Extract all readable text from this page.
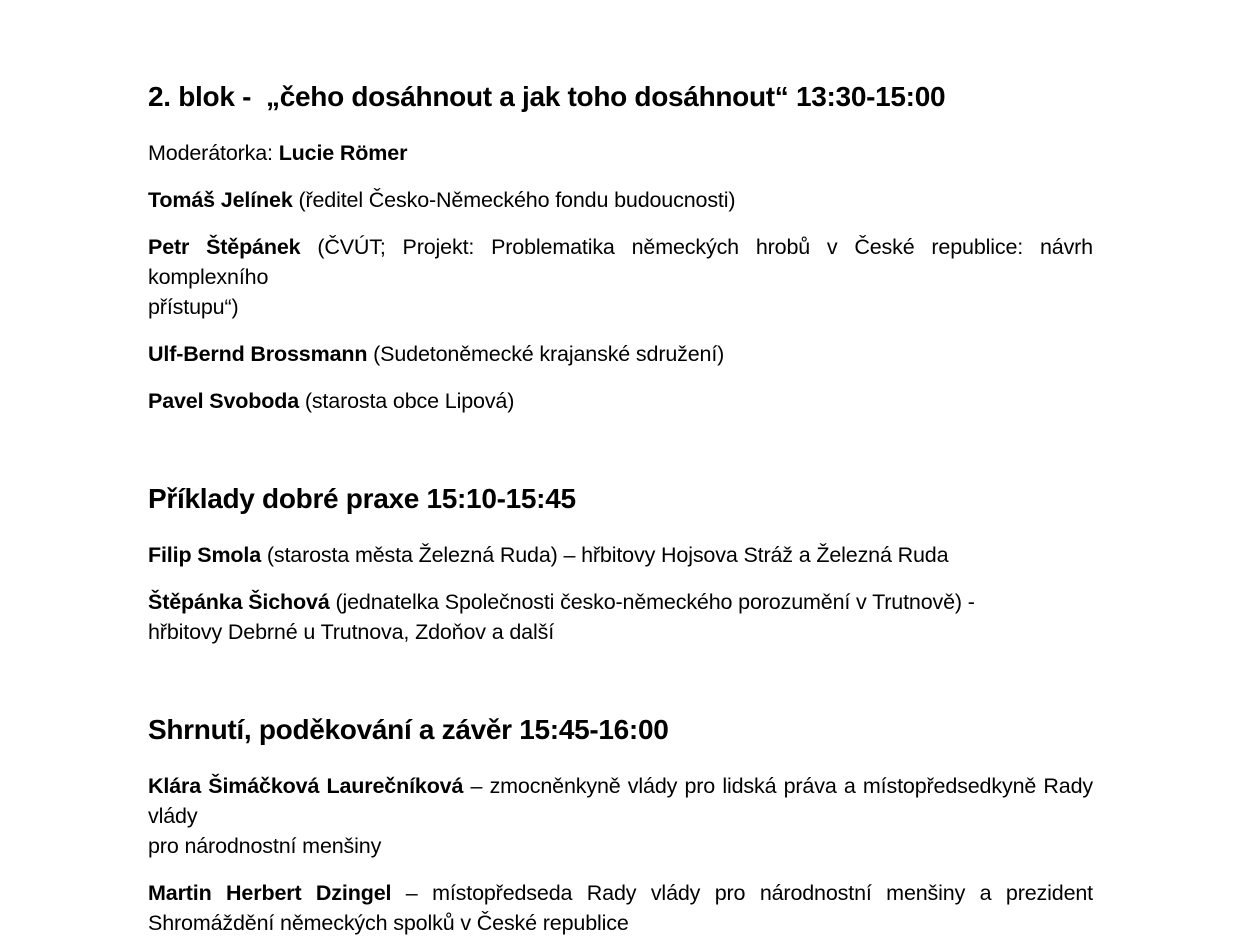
2. blok -  „čeho dosáhnout a jak toho dosáhnout“ 13:30-15:00
Moderátorka: Lucie Römer
Tomáš Jelínek (ředitel Česko-Německého fondu budoucnosti)
Petr Štěpánek (ČVÚT; Projekt: Problematika německých hrobů v České republice: návrh komplexního
přístupu“)
Ulf-Bernd Brossmann (Sudetoněmecké krajanské sdružení)
Pavel Svoboda (starosta obce Lipová)
Příklady dobré praxe 15:10-15:45
Filip Smola (starosta města Železná Ruda) – hřbitovy Hojsova Stráž a Železná Ruda
Štěpánka Šichová (jednatelka Společnosti česko-německého porozumění v Trutnově) -
hřbitovy Debrné u Trutnova, Zdoňov a další
Shrnutí, poděkování a závěr 15:45-16:00
Klára Šimáčková Laurečníková – zmocněnkyně vlády pro lidská práva a místopředsedkyně Rady vlády
pro národnostní menšiny
Martin Herbert Dzingel – místopředseda Rady vlády pro národnostní menšiny a prezident
Shromáždění německých spolků v České republice
